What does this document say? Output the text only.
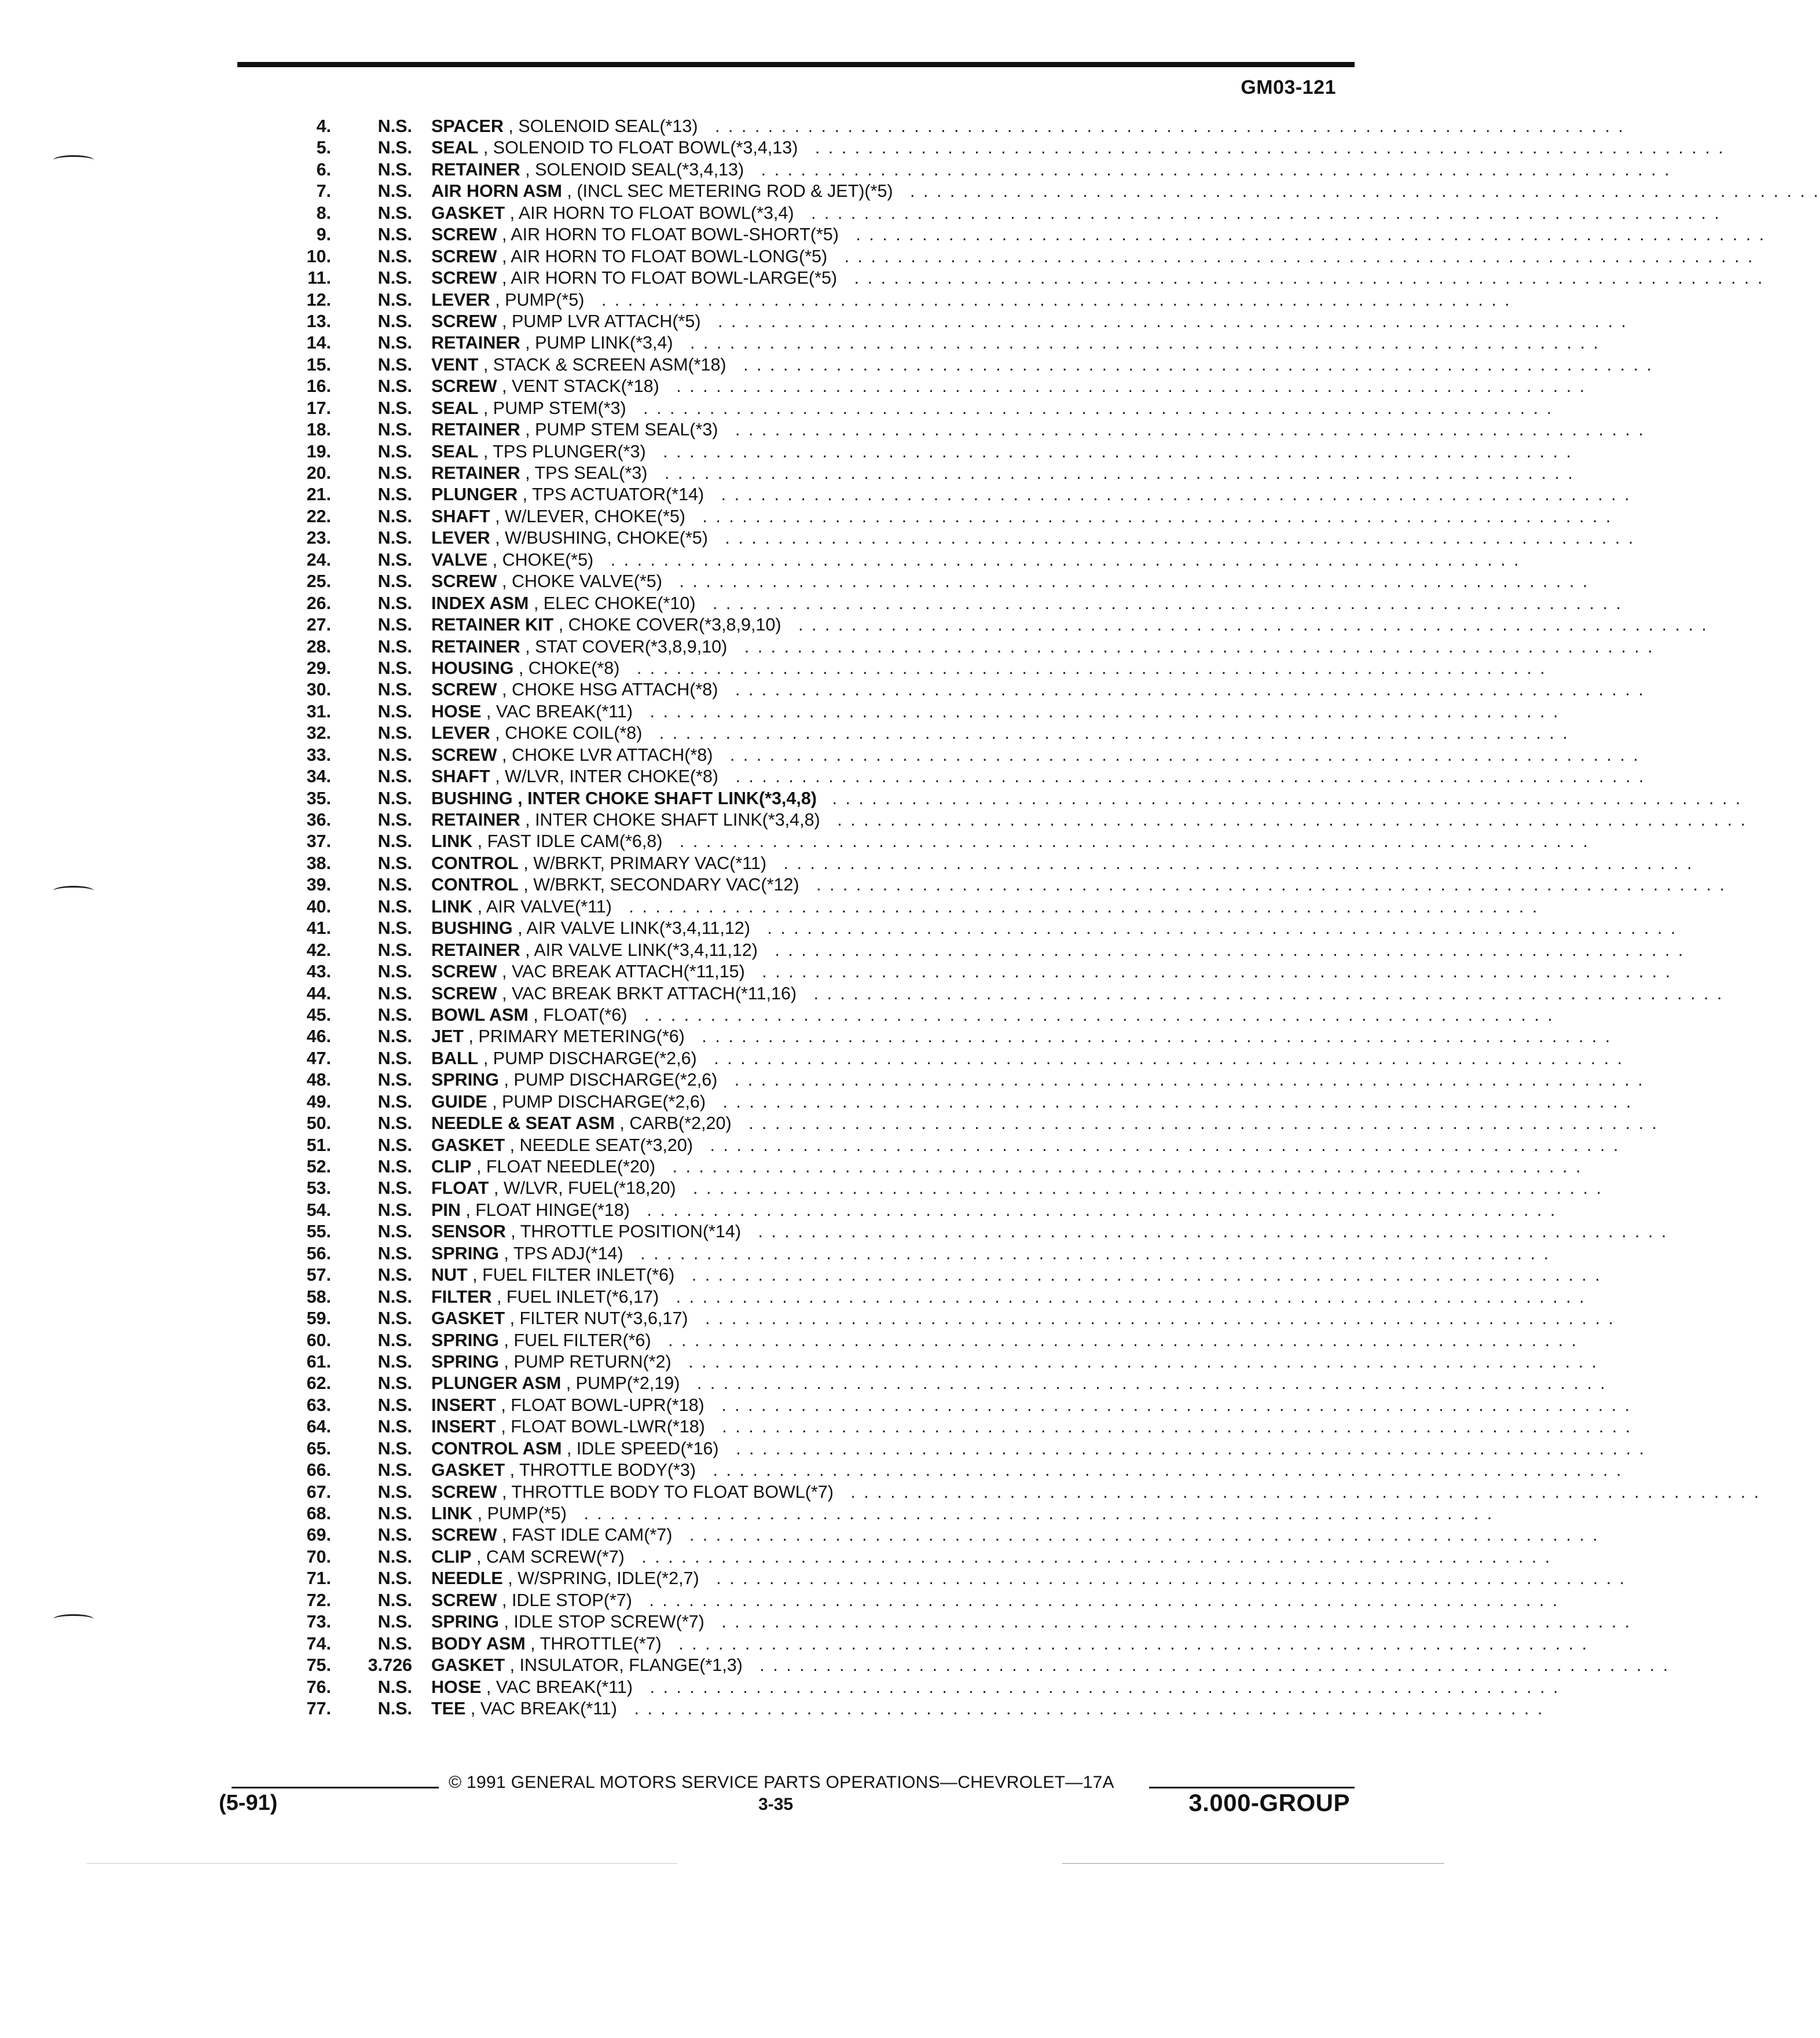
GM03-121
4.	N.S. SPACER , SOLENOID SEAL(*13) . . . . . . . . . . . . . . . . . . . . . . . . . . . . . . . . . . . . . . . . . . . . . . . . . . . . . . . . . . . . . . . . . . . . .
5.	N.S. SEAL , SOLENOID TO FLOAT BOWL(*3,4,13) . . . . . . . . . . . . . . . . . . . . . . . . . . . . . . . . . . . . . . . . . . . . . . . . . . . . . . . . . . . . . . . . . . . . .
6.	N.S. RETAINER , SOLENOID SEAL(*3,4,13) . . . . . . . . . . . . . . . . . . . . . . . . . . . . . . . . . . . . . . . . . . . . . . . . . . . . . . . . . . . . . . . . . . . . .
7.	N.S. AIR HORN ASM , (INCL SEC METERING ROD & JET)(*5) . . . . . . . . . . . . . . . . . . . . . . . . . . . . . . . . . . . . . . . . . . . . . . . . . . . . . . . . . . . . . . . . . . . . .
8.	N.S. GASKET , AIR HORN TO FLOAT BOWL(*3,4) . . . . . . . . . . . . . . . . . . . . . . . . . . . . . . . . . . . . . . . . . . . . . . . . . . . . . . . . . . . . . . . . . . . . .
9.	N.S. SCREW , AIR HORN TO FLOAT BOWL-SHORT(*5) . . . . . . . . . . . . . . . . . . . . . . . . . . . . . . . . . . . . . . . . . . . . . . . . . . . . . . . . . . . . . . . . . . . . .
10.	N.S. SCREW , AIR HORN TO FLOAT BOWL-LONG(*5) . . . . . . . . . . . . . . . . . . . . . . . . . . . . . . . . . . . . . . . . . . . . . . . . . . . . . . . . . . . . . . . . . . . . .
11.	N.S. SCREW , AIR HORN TO FLOAT BOWL-LARGE(*5) . . . . . . . . . . . . . . . . . . . . . . . . . . . . . . . . . . . . . . . . . . . . . . . . . . . . . . . . . . . . . . . . . . . . .
12.	N.S. LEVER , PUMP(*5) . . . . . . . . . . . . . . . . . . . . . . . . . . . . . . . . . . . . . . . . . . . . . . . . . . . . . . . . . . . . . . . . . . . . .
13.	N.S. SCREW , PUMP LVR ATTACH(*5) . . . . . . . . . . . . . . . . . . . . . . . . . . . . . . . . . . . . . . . . . . . . . . . . . . . . . . . . . . . . . . . . . . . . .
14.	N.S. RETAINER , PUMP LINK(*3,4) . . . . . . . . . . . . . . . . . . . . . . . . . . . . . . . . . . . . . . . . . . . . . . . . . . . . . . . . . . . . . . . . . . . . .
15.	N.S. VENT , STACK & SCREEN ASM(*18) . . . . . . . . . . . . . . . . . . . . . . . . . . . . . . . . . . . . . . . . . . . . . . . . . . . . . . . . . . . . . . . . . . . . .
16.	N.S. SCREW , VENT STACK(*18) . . . . . . . . . . . . . . . . . . . . . . . . . . . . . . . . . . . . . . . . . . . . . . . . . . . . . . . . . . . . . . . . . . . . .
17.	N.S. SEAL , PUMP STEM(*3) . . . . . . . . . . . . . . . . . . . . . . . . . . . . . . . . . . . . . . . . . . . . . . . . . . . . . . . . . . . . . . . . . . . . .
18.	N.S. RETAINER , PUMP STEM SEAL(*3) . . . . . . . . . . . . . . . . . . . . . . . . . . . . . . . . . . . . . . . . . . . . . . . . . . . . . . . . . . . . . . . . . . . . .
19.	N.S. SEAL , TPS PLUNGER(*3) . . . . . . . . . . . . . . . . . . . . . . . . . . . . . . . . . . . . . . . . . . . . . . . . . . . . . . . . . . . . . . . . . . . . .
20.	N.S. RETAINER , TPS SEAL(*3) . . . . . . . . . . . . . . . . . . . . . . . . . . . . . . . . . . . . . . . . . . . . . . . . . . . . . . . . . . . . . . . . . . . . .
21.	N.S. PLUNGER , TPS ACTUATOR(*14) . . . . . . . . . . . . . . . . . . . . . . . . . . . . . . . . . . . . . . . . . . . . . . . . . . . . . . . . . . . . . . . . . . . . .
22.	N.S. SHAFT , W/LEVER, CHOKE(*5) . . . . . . . . . . . . . . . . . . . . . . . . . . . . . . . . . . . . . . . . . . . . . . . . . . . . . . . . . . . . . . . . . . . . .
23.	N.S. LEVER , W/BUSHING, CHOKE(*5) . . . . . . . . . . . . . . . . . . . . . . . . . . . . . . . . . . . . . . . . . . . . . . . . . . . . . . . . . . . . . . . . . . . . .
24.	N.S. VALVE , CHOKE(*5) . . . . . . . . . . . . . . . . . . . . . . . . . . . . . . . . . . . . . . . . . . . . . . . . . . . . . . . . . . . . . . . . . . . . .
25.	N.S. SCREW , CHOKE VALVE(*5) . . . . . . . . . . . . . . . . . . . . . . . . . . . . . . . . . . . . . . . . . . . . . . . . . . . . . . . . . . . . . . . . . . . . .
26.	N.S. INDEX ASM , ELEC CHOKE(*10) . . . . . . . . . . . . . . . . . . . . . . . . . . . . . . . . . . . . . . . . . . . . . . . . . . . . . . . . . . . . . . . . . . . . .
27.	N.S. RETAINER KIT , CHOKE COVER(*3,8,9,10) . . . . . . . . . . . . . . . . . . . . . . . . . . . . . . . . . . . . . . . . . . . . . . . . . . . . . . . . . . . . . . . . . . . . .
28.	N.S. RETAINER , STAT COVER(*3,8,9,10) . . . . . . . . . . . . . . . . . . . . . . . . . . . . . . . . . . . . . . . . . . . . . . . . . . . . . . . . . . . . . . . . . . . . .
29.	N.S. HOUSING , CHOKE(*8) . . . . . . . . . . . . . . . . . . . . . . . . . . . . . . . . . . . . . . . . . . . . . . . . . . . . . . . . . . . . . . . . . . . . .
30.	N.S. SCREW , CHOKE HSG ATTACH(*8) . . . . . . . . . . . . . . . . . . . . . . . . . . . . . . . . . . . . . . . . . . . . . . . . . . . . . . . . . . . . . . . . . . . . .
31.	N.S. HOSE , VAC BREAK(*11) . . . . . . . . . . . . . . . . . . . . . . . . . . . . . . . . . . . . . . . . . . . . . . . . . . . . . . . . . . . . . . . . . . . . .
32.	N.S. LEVER , CHOKE COIL(*8) . . . . . . . . . . . . . . . . . . . . . . . . . . . . . . . . . . . . . . . . . . . . . . . . . . . . . . . . . . . . . . . . . . . . .
33.	N.S. SCREW , CHOKE LVR ATTACH(*8) . . . . . . . . . . . . . . . . . . . . . . . . . . . . . . . . . . . . . . . . . . . . . . . . . . . . . . . . . . . . . . . . . . . . .
34.	N.S. SHAFT , W/LVR, INTER CHOKE(*8) . . . . . . . . . . . . . . . . . . . . . . . . . . . . . . . . . . . . . . . . . . . . . . . . . . . . . . . . . . . . . . . . . . . . .
35.	N.S. BUSHING , INTER CHOKE SHAFT LINK(*3,4,8) . . . . . . . . . . . . . . . . . . . . . . . . . . . . . . . . . . . . . . . . . . . . . . . . . . . . . . . . . . . . . . . . . . . . .
36.	N.S. RETAINER , INTER CHOKE SHAFT LINK(*3,4,8) . . . . . . . . . . . . . . . . . . . . . . . . . . . . . . . . . . . . . . . . . . . . . . . . . . . . . . . . . . . . . . . . . . . . .
37.	N.S. LINK , FAST IDLE CAM(*6,8) . . . . . . . . . . . . . . . . . . . . . . . . . . . . . . . . . . . . . . . . . . . . . . . . . . . . . . . . . . . . . . . . . . . . .
38.	N.S. CONTROL , W/BRKT, PRIMARY VAC(*11) . . . . . . . . . . . . . . . . . . . . . . . . . . . . . . . . . . . . . . . . . . . . . . . . . . . . . . . . . . . . . . . . . . . . .
39.	N.S. CONTROL , W/BRKT, SECONDARY VAC(*12) . . . . . . . . . . . . . . . . . . . . . . . . . . . . . . . . . . . . . . . . . . . . . . . . . . . . . . . . . . . . . . . . . . . . .
40.	N.S. LINK , AIR VALVE(*11) . . . . . . . . . . . . . . . . . . . . . . . . . . . . . . . . . . . . . . . . . . . . . . . . . . . . . . . . . . . . . . . . . . . . .
41.	N.S. BUSHING , AIR VALVE LINK(*3,4,11,12) . . . . . . . . . . . . . . . . . . . . . . . . . . . . . . . . . . . . . . . . . . . . . . . . . . . . . . . . . . . . . . . . . . . . .
42.	N.S. RETAINER , AIR VALVE LINK(*3,4,11,12) . . . . . . . . . . . . . . . . . . . . . . . . . . . . . . . . . . . . . . . . . . . . . . . . . . . . . . . . . . . . . . . . . . . . .
43.	N.S. SCREW , VAC BREAK ATTACH(*11,15) . . . . . . . . . . . . . . . . . . . . . . . . . . . . . . . . . . . . . . . . . . . . . . . . . . . . . . . . . . . . . . . . . . . . .
44.	N.S. SCREW , VAC BREAK BRKT ATTACH(*11,16) . . . . . . . . . . . . . . . . . . . . . . . . . . . . . . . . . . . . . . . . . . . . . . . . . . . . . . . . . . . . . . . . . . . . .
45.	N.S. BOWL ASM , FLOAT(*6) . . . . . . . . . . . . . . . . . . . . . . . . . . . . . . . . . . . . . . . . . . . . . . . . . . . . . . . . . . . . . . . . . . . . .
46.	N.S. JET , PRIMARY METERING(*6) . . . . . . . . . . . . . . . . . . . . . . . . . . . . . . . . . . . . . . . . . . . . . . . . . . . . . . . . . . . . . . . . . . . . .
47.	N.S. BALL , PUMP DISCHARGE(*2,6) . . . . . . . . . . . . . . . . . . . . . . . . . . . . . . . . . . . . . . . . . . . . . . . . . . . . . . . . . . . . . . . . . . . . .
48.	N.S. SPRING , PUMP DISCHARGE(*2,6) . . . . . . . . . . . . . . . . . . . . . . . . . . . . . . . . . . . . . . . . . . . . . . . . . . . . . . . . . . . . . . . . . . . . .
49.	N.S. GUIDE , PUMP DISCHARGE(*2,6) . . . . . . . . . . . . . . . . . . . . . . . . . . . . . . . . . . . . . . . . . . . . . . . . . . . . . . . . . . . . . . . . . . . . .
50.	N.S. NEEDLE & SEAT ASM , CARB(*2,20) . . . . . . . . . . . . . . . . . . . . . . . . . . . . . . . . . . . . . . . . . . . . . . . . . . . . . . . . . . . . . . . . . . . . .
51.	N.S. GASKET , NEEDLE SEAT(*3,20) . . . . . . . . . . . . . . . . . . . . . . . . . . . . . . . . . . . . . . . . . . . . . . . . . . . . . . . . . . . . . . . . . . . . .
52.	N.S. CLIP , FLOAT NEEDLE(*20) . . . . . . . . . . . . . . . . . . . . . . . . . . . . . . . . . . . . . . . . . . . . . . . . . . . . . . . . . . . . . . . . . . . . .
53.	N.S. FLOAT , W/LVR, FUEL(*18,20) . . . . . . . . . . . . . . . . . . . . . . . . . . . . . . . . . . . . . . . . . . . . . . . . . . . . . . . . . . . . . . . . . . . . .
54.	N.S. PIN , FLOAT HINGE(*18) . . . . . . . . . . . . . . . . . . . . . . . . . . . . . . . . . . . . . . . . . . . . . . . . . . . . . . . . . . . . . . . . . . . . .
55.	N.S. SENSOR , THROTTLE POSITION(*14) . . . . . . . . . . . . . . . . . . . . . . . . . . . . . . . . . . . . . . . . . . . . . . . . . . . . . . . . . . . . . . . . . . . . .
56.	N.S. SPRING , TPS ADJ(*14) . . . . . . . . . . . . . . . . . . . . . . . . . . . . . . . . . . . . . . . . . . . . . . . . . . . . . . . . . . . . . . . . . . . . .
57.	N.S. NUT , FUEL FILTER INLET(*6) . . . . . . . . . . . . . . . . . . . . . . . . . . . . . . . . . . . . . . . . . . . . . . . . . . . . . . . . . . . . . . . . . . . . .
58.	N.S. FILTER , FUEL INLET(*6,17) . . . . . . . . . . . . . . . . . . . . . . . . . . . . . . . . . . . . . . . . . . . . . . . . . . . . . . . . . . . . . . . . . . . . .
59.	N.S. GASKET , FILTER NUT(*3,6,17) . . . . . . . . . . . . . . . . . . . . . . . . . . . . . . . . . . . . . . . . . . . . . . . . . . . . . . . . . . . . . . . . . . . . .
60.	N.S. SPRING , FUEL FILTER(*6) . . . . . . . . . . . . . . . . . . . . . . . . . . . . . . . . . . . . . . . . . . . . . . . . . . . . . . . . . . . . . . . . . . . . .
61.	N.S. SPRING , PUMP RETURN(*2) . . . . . . . . . . . . . . . . . . . . . . . . . . . . . . . . . . . . . . . . . . . . . . . . . . . . . . . . . . . . . . . . . . . . .
62.	N.S. PLUNGER ASM , PUMP(*2,19) . . . . . . . . . . . . . . . . . . . . . . . . . . . . . . . . . . . . . . . . . . . . . . . . . . . . . . . . . . . . . . . . . . . . .
63.	N.S. INSERT , FLOAT BOWL-UPR(*18) . . . . . . . . . . . . . . . . . . . . . . . . . . . . . . . . . . . . . . . . . . . . . . . . . . . . . . . . . . . . . . . . . . . . .
64.	N.S. INSERT , FLOAT BOWL-LWR(*18) . . . . . . . . . . . . . . . . . . . . . . . . . . . . . . . . . . . . . . . . . . . . . . . . . . . . . . . . . . . . . . . . . . . . .
65.	N.S. CONTROL ASM , IDLE SPEED(*16) . . . . . . . . . . . . . . . . . . . . . . . . . . . . . . . . . . . . . . . . . . . . . . . . . . . . . . . . . . . . . . . . . . . . .
66.	N.S. GASKET , THROTTLE BODY(*3) . . . . . . . . . . . . . . . . . . . . . . . . . . . . . . . . . . . . . . . . . . . . . . . . . . . . . . . . . . . . . . . . . . . . .
67.	N.S. SCREW , THROTTLE BODY TO FLOAT BOWL(*7) . . . . . . . . . . . . . . . . . . . . . . . . . . . . . . . . . . . . . . . . . . . . . . . . . . . . . . . . . . . . . . . . . . . . .
68.	N.S. LINK , PUMP(*5) . . . . . . . . . . . . . . . . . . . . . . . . . . . . . . . . . . . . . . . . . . . . . . . . . . . . . . . . . . . . . . . . . . . . .
69.	N.S. SCREW , FAST IDLE CAM(*7) . . . . . . . . . . . . . . . . . . . . . . . . . . . . . . . . . . . . . . . . . . . . . . . . . . . . . . . . . . . . . . . . . . . . .
70.	N.S. CLIP , CAM SCREW(*7) . . . . . . . . . . . . . . . . . . . . . . . . . . . . . . . . . . . . . . . . . . . . . . . . . . . . . . . . . . . . . . . . . . . . .
71.	N.S. NEEDLE , W/SPRING, IDLE(*2,7) . . . . . . . . . . . . . . . . . . . . . . . . . . . . . . . . . . . . . . . . . . . . . . . . . . . . . . . . . . . . . . . . . . . . .
72.	N.S. SCREW , IDLE STOP(*7) . . . . . . . . . . . . . . . . . . . . . . . . . . . . . . . . . . . . . . . . . . . . . . . . . . . . . . . . . . . . . . . . . . . . .
73.	N.S. SPRING , IDLE STOP SCREW(*7) . . . . . . . . . . . . . . . . . . . . . . . . . . . . . . . . . . . . . . . . . . . . . . . . . . . . . . . . . . . . . . . . . . . . .
74.	N.S. BODY ASM , THROTTLE(*7) . . . . . . . . . . . . . . . . . . . . . . . . . . . . . . . . . . . . . . . . . . . . . . . . . . . . . . . . . . . . . . . . . . . . .
75.	3.726 GASKET , INSULATOR, FLANGE(*1,3) . . . . . . . . . . . . . . . . . . . . . . . . . . . . . . . . . . . . . . . . . . . . . . . . . . . . . . . . . . . . . . . . . . . . .
76.	N.S. HOSE , VAC BREAK(*11) . . . . . . . . . . . . . . . . . . . . . . . . . . . . . . . . . . . . . . . . . . . . . . . . . . . . . . . . . . . . . . . . . . . . .
77.	N.S. TEE , VAC BREAK(*11) . . . . . . . . . . . . . . . . . . . . . . . . . . . . . . . . . . . . . . . . . . . . . . . . . . . . . . . . . . . . . . . . . . . . .
© 1991 GENERAL MOTORS SERVICE PARTS OPERATIONS—CHEVROLET—17A
(5-91)	3-35	3.000-GROUP
